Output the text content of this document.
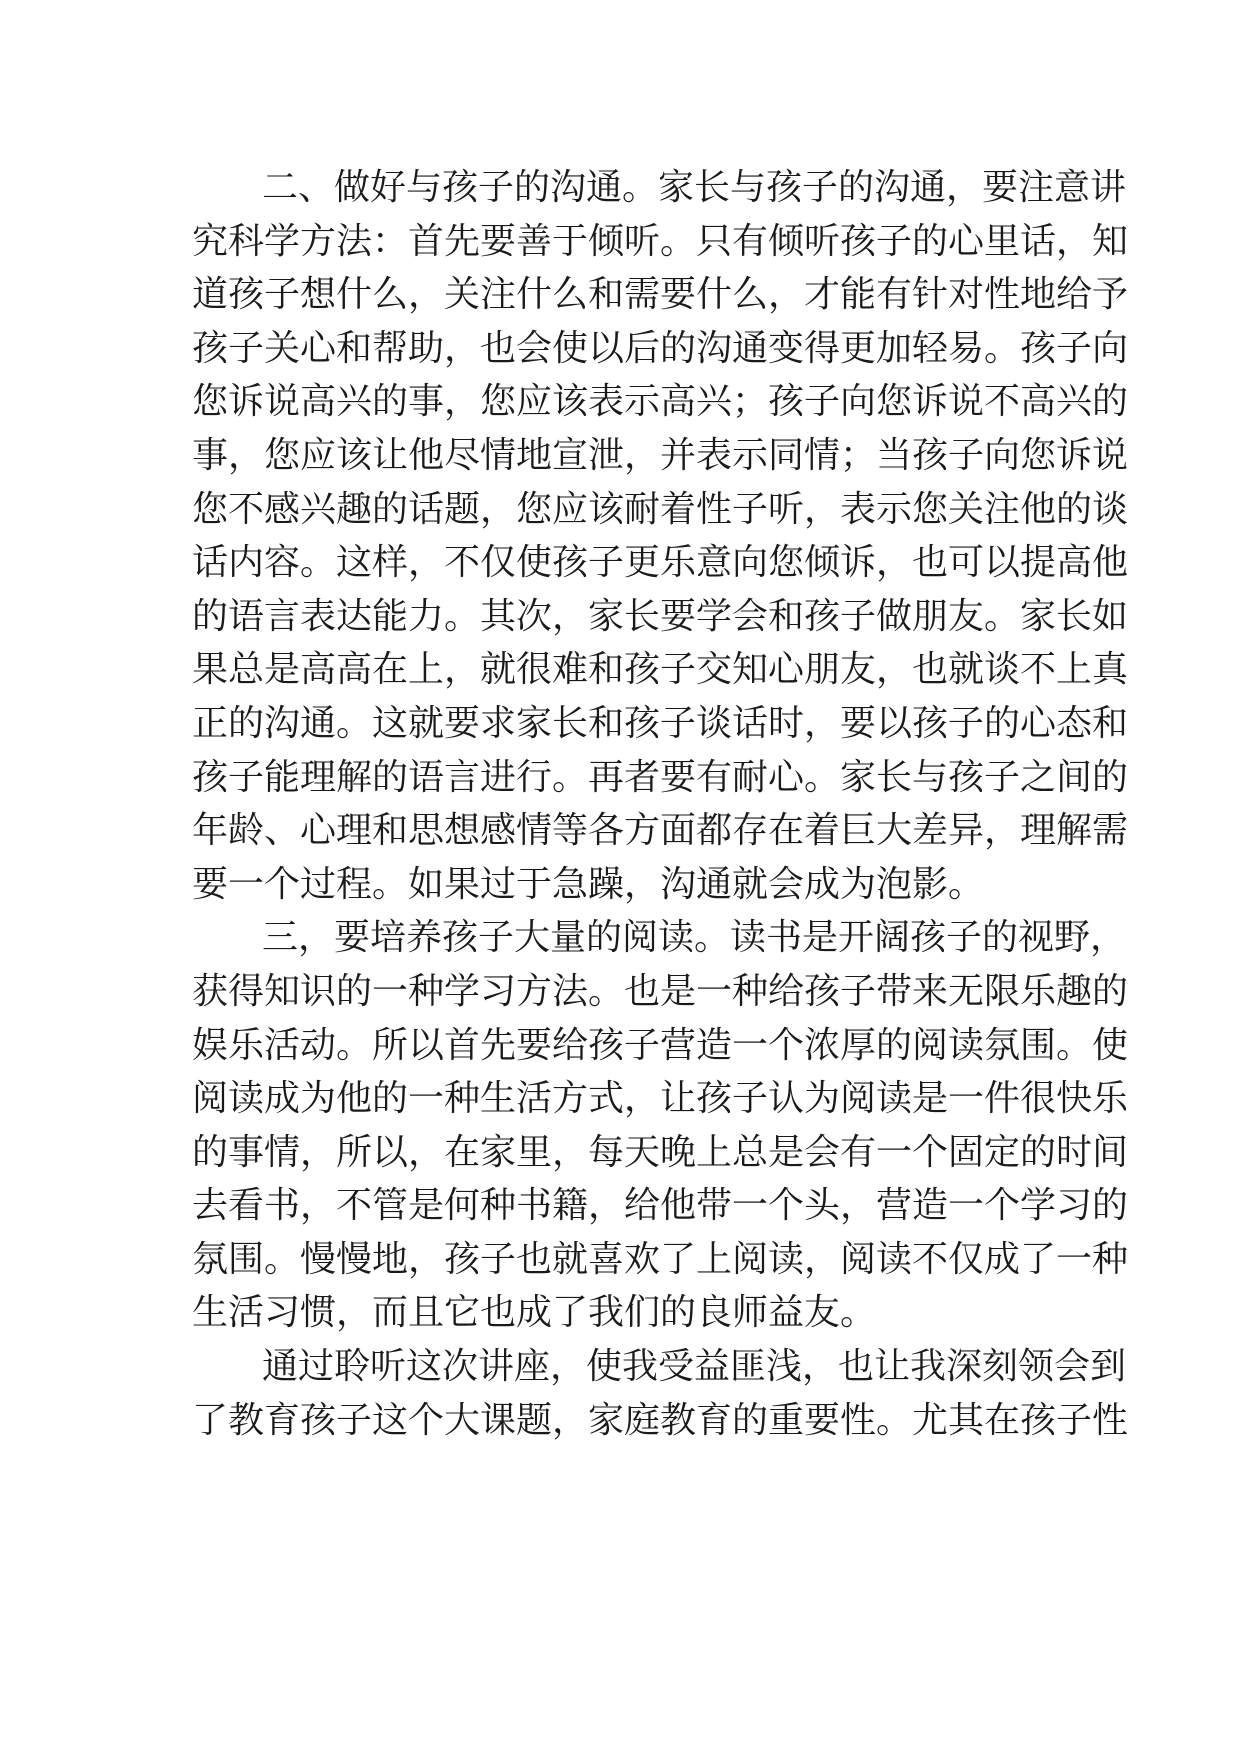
二、做好与孩子的沟通。家长与孩子的沟通，要注意讲
究科学方法：首先要善于倾听。只有倾听孩子的心里话，知
道孩子想什么，关注什么和需要什么，才能有针对性地给予
孩子关心和帮助，也会使以后的沟通变得更加轻易。孩子向
您诉说高兴的事，您应该表示高兴；孩子向您诉说不高兴的
事，您应该让他尽情地宣泄，并表示同情；当孩子向您诉说
您不感兴趣的话题，您应该耐着性子听，表示您关注他的谈
话内容。这样，不仅使孩子更乐意向您倾诉，也可以提高他
的语言表达能力。其次，家长要学会和孩子做朋友。家长如
果总是高高在上，就很难和孩子交知心朋友，也就谈不上真
正的沟通。这就要求家长和孩子谈话时，要以孩子的心态和
孩子能理解的语言进行。再者要有耐心。家长与孩子之间的
年龄、心理和思想感情等各方面都存在着巨大差异，理解需
要一个过程。如果过于急躁，沟通就会成为泡影。
三，要培养孩子大量的阅读。读书是开阔孩子的视野，
获得知识的一种学习方法。也是一种给孩子带来无限乐趣的
娱乐活动。所以首先要给孩子营造一个浓厚的阅读氛围。使
阅读成为他的一种生活方式，让孩子认为阅读是一件很快乐
的事情，所以，在家里，每天晚上总是会有一个固定的时间
去看书，不管是何种书籍，给他带一个头，营造一个学习的
氛围。慢慢地，孩子也就喜欢了上阅读，阅读不仅成了一种
生活习惯，而且它也成了我们的良师益友。
通过聆听这次讲座，使我受益匪浅，也让我深刻领会到
了教育孩子这个大课题，家庭教育的重要性。尤其在孩子性
